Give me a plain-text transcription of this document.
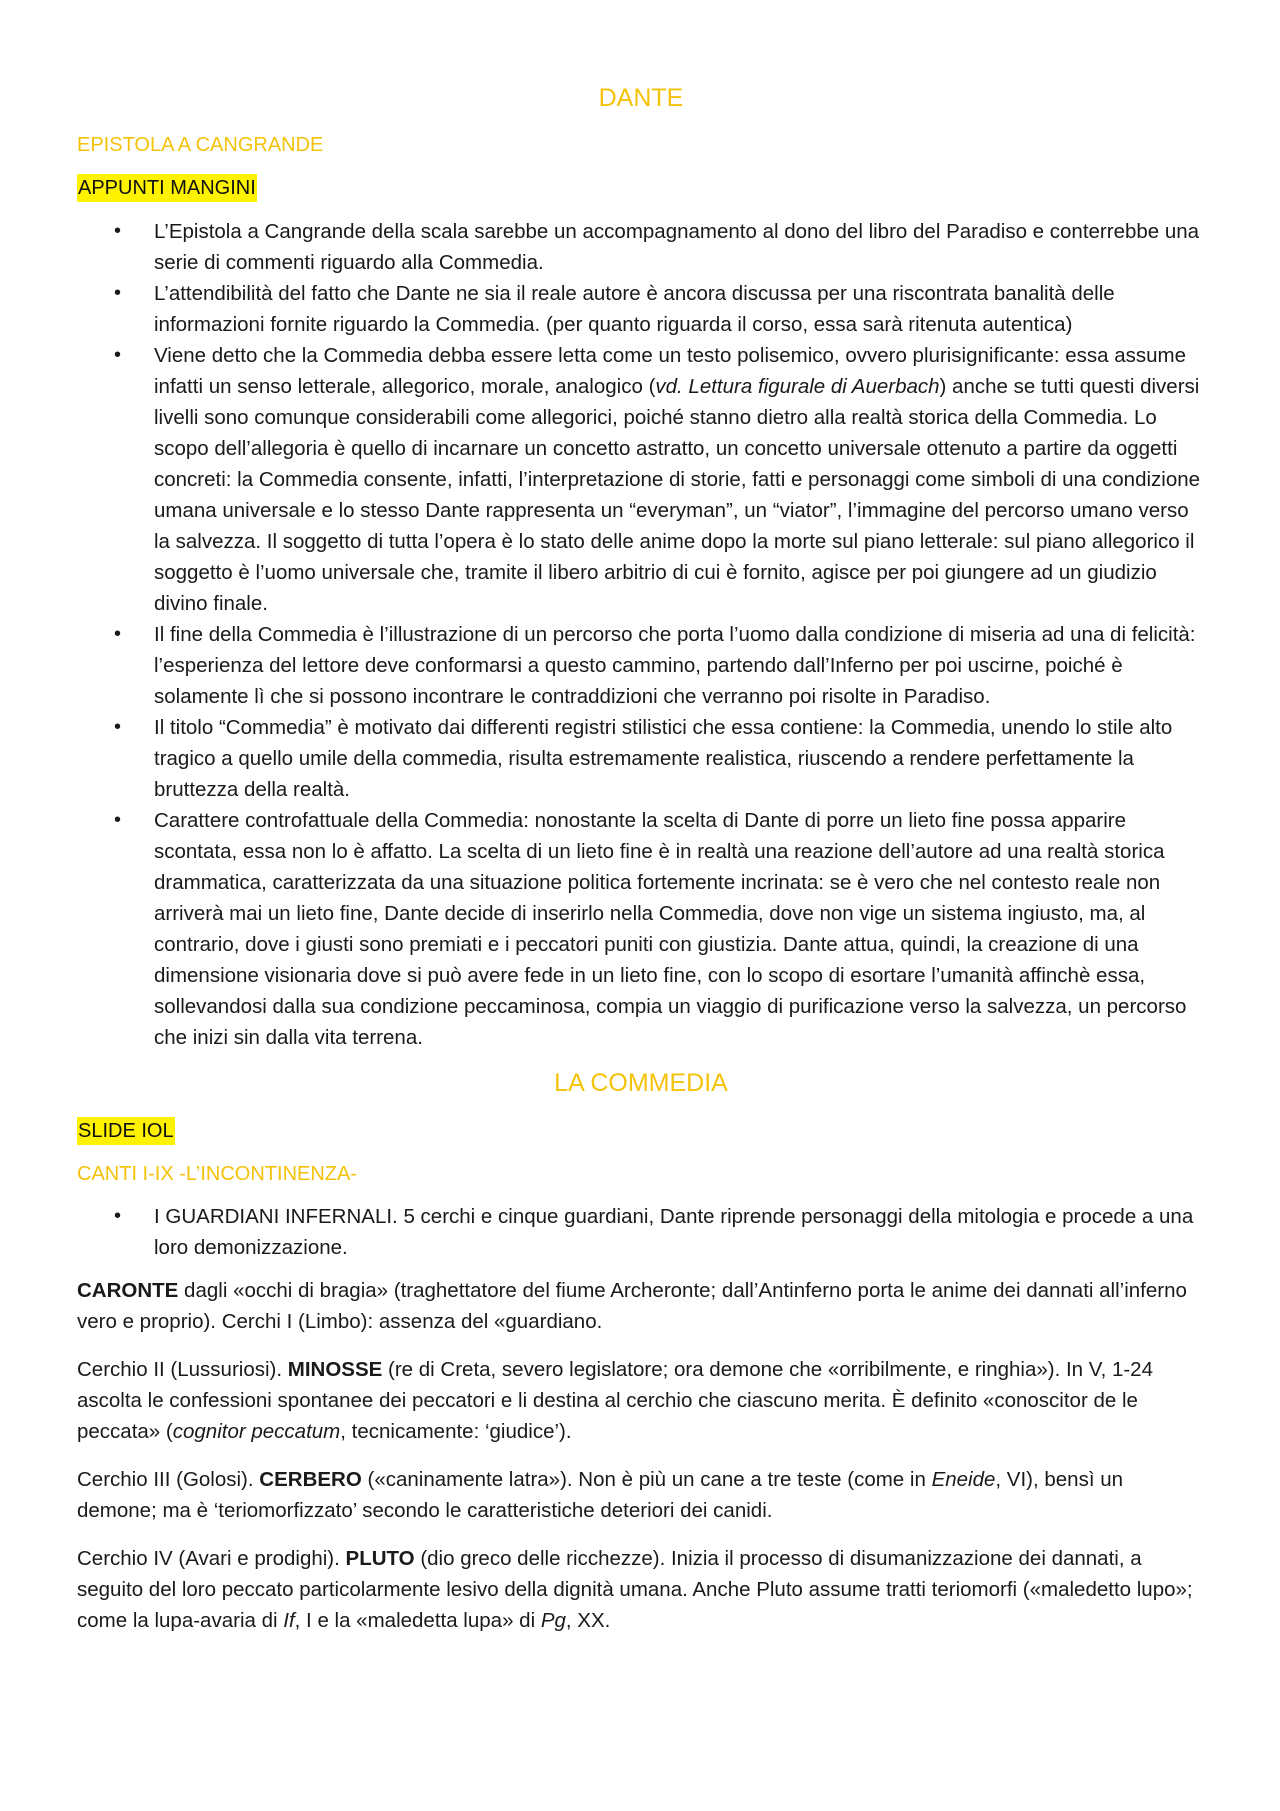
DANTE
EPISTOLA A CANGRANDE
APPUNTI MANGINI
• L’Epistola a Cangrande della scala sarebbe un accompagnamento al dono del libro del Paradiso e conterrebbe una serie di commenti riguardo alla Commedia.
• L’attendibilità del fatto che Dante ne sia il reale autore è ancora discussa per una riscontrata banalità delle informazioni fornite riguardo la Commedia. (per quanto riguarda il corso, essa sarà ritenuta autentica)
• Viene detto che la Commedia debba essere letta come un testo polisemico, ovvero plurisignificante: essa assume infatti un senso letterale, allegorico, morale, analogico (vd. Lettura figurale di Auerbach) anche se tutti questi diversi livelli sono comunque considerabili come allegorici, poiché stanno dietro alla realtà storica della Commedia. Lo scopo dell’allegoria è quello di incarnare un concetto astratto, un concetto universale ottenuto a partire da oggetti concreti: la Commedia consente, infatti, l’interpretazione di storie, fatti e personaggi come simboli di una condizione umana universale e lo stesso Dante rappresenta un “everyman”, un “viator”, l’immagine del percorso umano verso la salvezza. Il soggetto di tutta l’opera è lo stato delle anime dopo la morte sul piano letterale: sul piano allegorico il soggetto è l’uomo universale che, tramite il libero arbitrio di cui è fornito, agisce per poi giungere ad un giudizio divino finale.
• Il fine della Commedia è l’illustrazione di un percorso che porta l’uomo dalla condizione di miseria ad una di felicità: l’esperienza del lettore deve conformarsi a questo cammino, partendo dall’Inferno per poi uscirne, poiché è solamente lì che si possono incontrare le contraddizioni che verranno poi risolte in Paradiso.
• Il titolo “Commedia” è motivato dai differenti registri stilistici che essa contiene: la Commedia, unendo lo stile alto tragico a quello umile della commedia, risulta estremamente realistica, riuscendo a rendere perfettamente la bruttezza della realtà.
• Carattere controfattuale della Commedia: nonostante la scelta di Dante di porre un lieto fine possa apparire scontata, essa non lo è affatto. La scelta di un lieto fine è in realtà una reazione dell’autore ad una realtà storica drammatica, caratterizzata da una situazione politica fortemente incrinata: se è vero che nel contesto reale non arriverà mai un lieto fine, Dante decide di inserirlo nella Commedia, dove non vige un sistema ingiusto, ma, al contrario, dove i giusti sono premiati e i peccatori puniti con giustizia. Dante attua, quindi, la creazione di una dimensione visionaria dove si può avere fede in un lieto fine, con lo scopo di esortare l’umanità affinchè essa, sollevandosi dalla sua condizione peccaminosa, compia un viaggio di purificazione verso la salvezza, un percorso che inizi sin dalla vita terrena.
LA COMMEDIA
SLIDE IOL
CANTI I-IX -L’INCONTINENZA-
• I GUARDIANI INFERNALI. 5 cerchi e cinque guardiani, Dante riprende personaggi della mitologia e procede a una loro demonizzazione.

CARONTE dagli «occhi di bragia» (traghettatore del fiume Archeronte; dall’Antinferno porta le anime dei dannati all’inferno vero e proprio). Cerchi I (Limbo): assenza del «guardiano.

Cerchio II (Lussuriosi). MINOSSE (re di Creta, severo legislatore; ora demone che «orribilmente, e ringhia»). In V, 1-24 ascolta le confessioni spontanee dei peccatori e li destina al cerchio che ciascuno merita. È definito «conoscitor de le peccata» (cognitor peccatum, tecnicamente: ‘giudice’).

Cerchio III (Golosi). CERBERO («caninamente latra»). Non è più un cane a tre teste (come in Eneide, VI), bensì un demone; ma è ‘teriomorfizzato’ secondo le caratteristiche deteriori dei canidi.

Cerchio IV (Avari e prodighi). PLUTO (dio greco delle ricchezze). Inizia il processo di disumanizzazione dei dannati, a seguito del loro peccato particolarmente lesivo della dignità umana. Anche Pluto assume tratti teriomorfi («maledetto lupo»; come la lupa-avaria di If, I e la «maledetta lupa» di Pg, XX.
